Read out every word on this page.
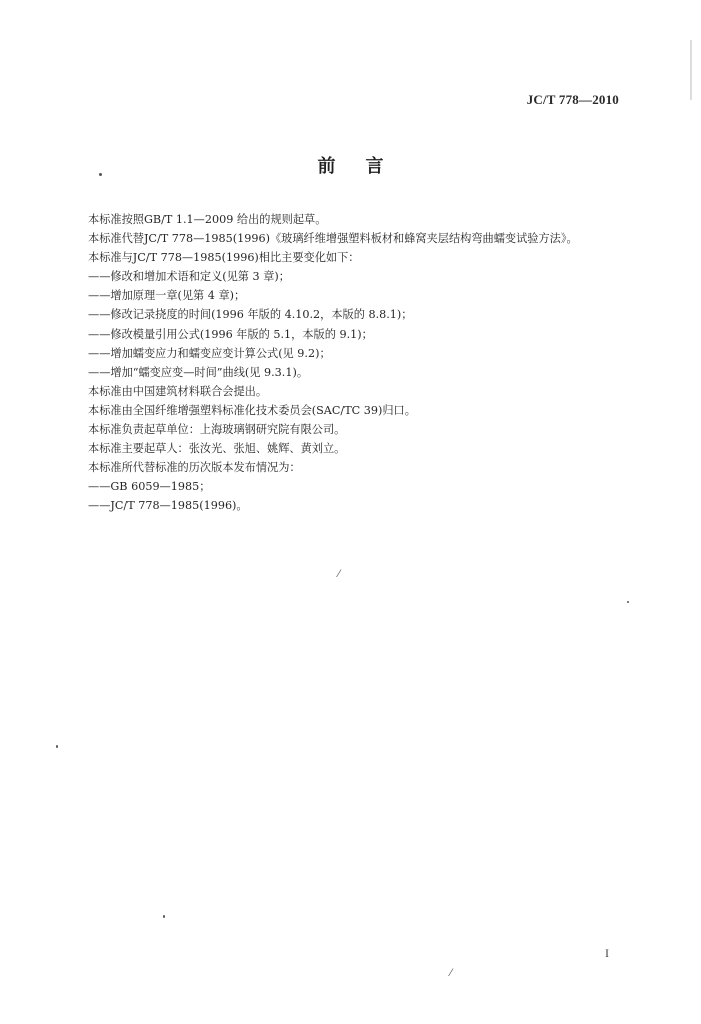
JC/T 778—2010
前言
本标准按照GB/T 1.1—2009 给出的规则起草。
本标准代替JC/T 778—1985(1996)《玻璃纤维增强塑料板材和蜂窝夹层结构弯曲蠕变试验方法》。
本标准与JC/T 778—1985(1996)相比主要变化如下：
——修改和增加术语和定义(见第 3 章)；
——增加原理一章(见第 4 章)；
——修改记录挠度的时间(1996 年版的 4.10.2，本版的 8.8.1)；
——修改模量引用公式(1996 年版的 5.1，本版的 9.1)；
——增加蠕变应力和蠕变应变计算公式(见 9.2)；
——增加“蠕变应变—时间”曲线(见 9.3.1)。
本标准由中国建筑材料联合会提出。
本标准由全国纤维增强塑料标准化技术委员会(SAC/TC 39)归口。
本标准负责起草单位：上海玻璃钢研究院有限公司。
本标准主要起草人：张汝光、张旭、姚辉、黄刘立。
本标准所代替标准的历次版本发布情况为：
——GB 6059—1985；
——JC/T 778—1985(1996)。
I
⁄
⁄
